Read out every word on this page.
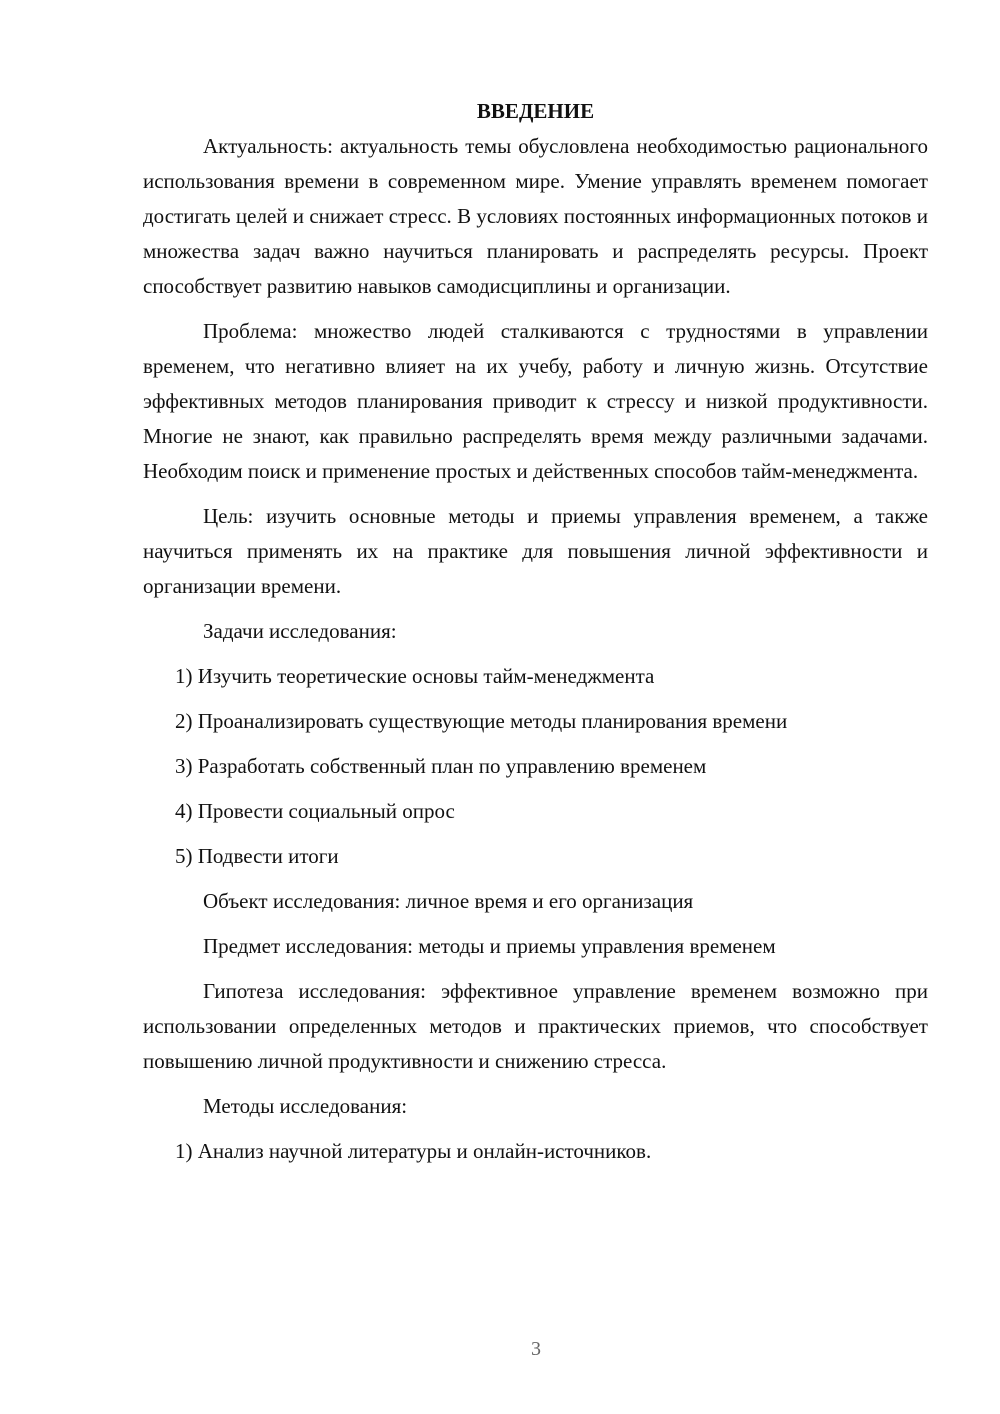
ВВЕДЕНИЕ

Актуальность: актуальность темы обусловлена необходимостью рационального использования времени в современном мире. Умение управлять временем помогает достигать целей и снижает стресс. В условиях постоянных информационных потоков и множества задач важно научиться планировать и распределять ресурсы. Проект способствует развитию навыков самодисциплины и организации.

Проблема: множество людей сталкиваются с трудностями в управлении временем, что негативно влияет на их учебу, работу и личную жизнь. Отсутствие эффективных методов планирования приводит к стрессу и низкой продуктивности. Многие не знают, как правильно распределять время между различными задачами. Необходим поиск и применение простых и действенных способов тайм-менеджмента.

Цель: изучить основные методы и приемы управления временем, а также научиться применять их на практике для повышения личной эффективности и организации времени.

Задачи исследования:

1) Изучить теоретические основы тайм-менеджмента

2) Проанализировать существующие методы планирования времени

3) Разработать собственный план по управлению временем

4) Провести социальный опрос

5) Подвести итоги

Объект исследования: личное время и его организация

Предмет исследования: методы и приемы управления временем

Гипотеза исследования: эффективное управление временем возможно при использовании определенных методов и практических приемов, что способствует повышению личной продуктивности и снижению стресса.

Методы исследования:

1) Анализ научной литературы и онлайн-источников.

3
